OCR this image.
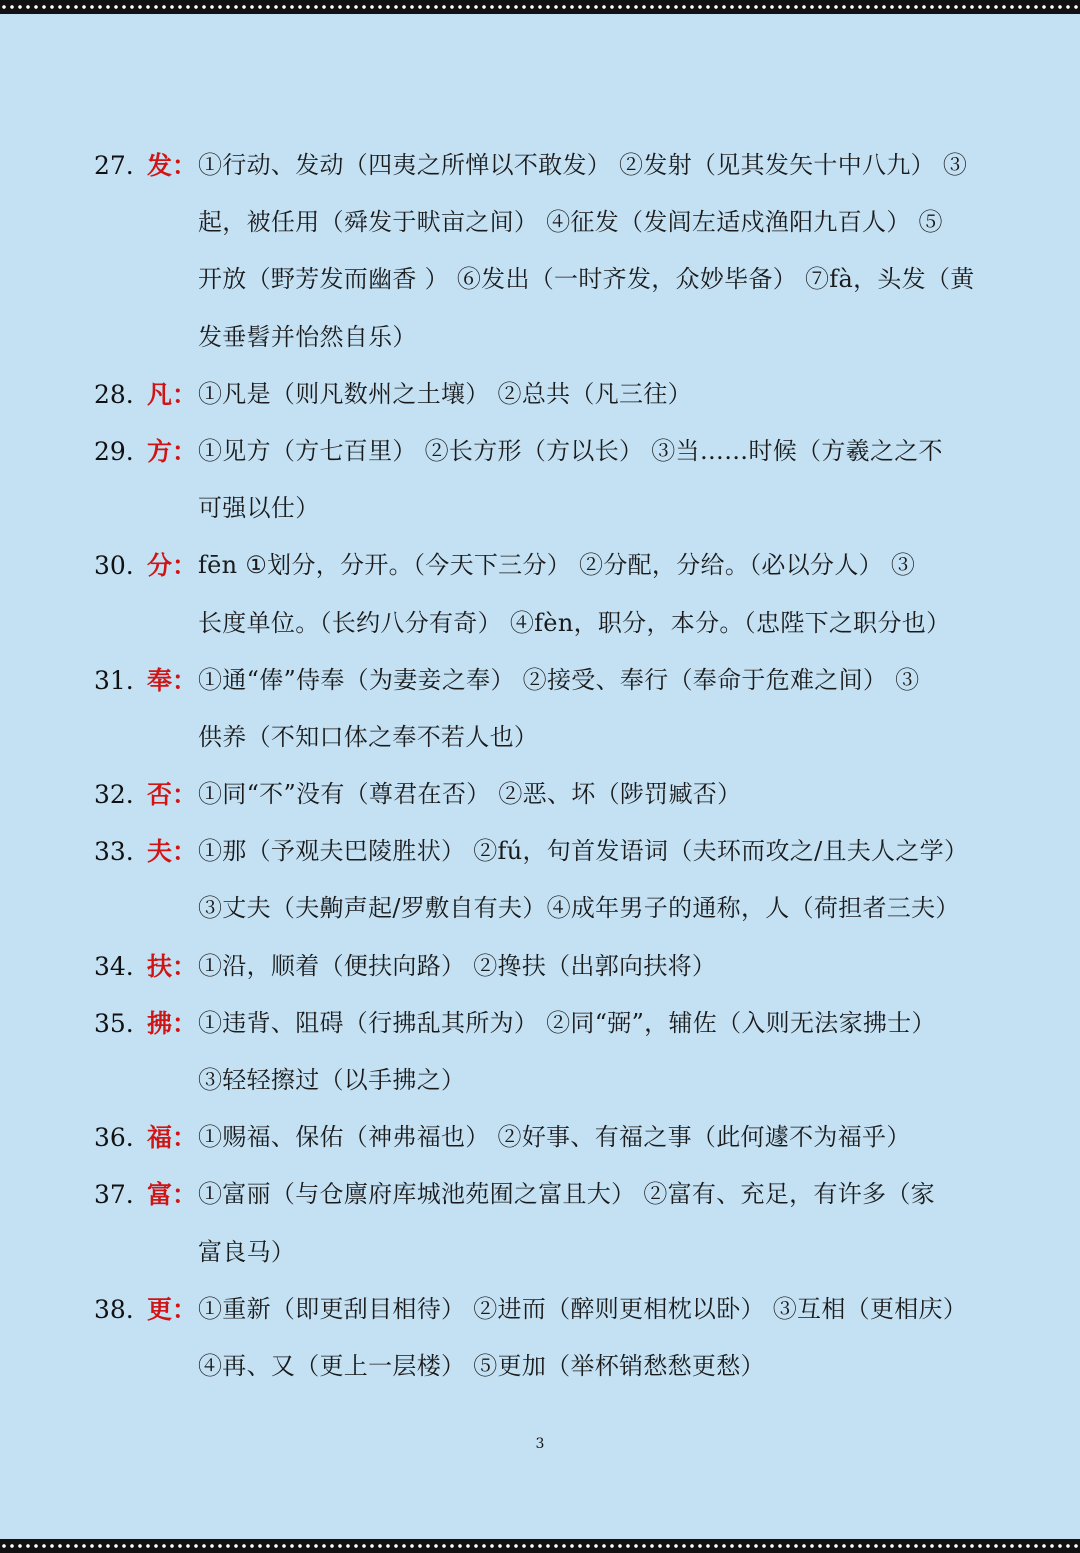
27. 发： ①行动、发动（四夷之所惮以不敢发） ②发射（见其发矢十中八九） ③
起，被任用（舜发于畎亩之间） ④征发（发闾左适戍渔阳九百人） ⑤
开放（野芳发而幽香 ） ⑥发出（一时齐发，众妙毕备） ⑦fà，头发（黄
发垂髫并怡然自乐）
28. 凡： ①凡是（则凡数州之土壤） ②总共（凡三往）
29. 方： ①见方（方七百里） ②长方形（方以长） ③当……时候（方羲之之不
可强以仕）
30. 分： fēn ①划分，分开。（今天下三分） ②分配，分给。（必以分人） ③
长度单位。（长约八分有奇） ④fèn，职分，本分。（忠陛下之职分也）
31. 奉： ①通“俸”侍奉（为妻妾之奉） ②接受、奉行（奉命于危难之间） ③
供养（不知口体之奉不若人也）
32. 否： ①同“不”没有（尊君在否） ②恶、坏（陟罚臧否）
33. 夫： ①那（予观夫巴陵胜状） ②fú，句首发语词（夫环而攻之/且夫人之学）
③丈夫（夫齁声起/罗敷自有夫）④成年男子的通称，人（荷担者三夫）
34. 扶： ①沿，顺着（便扶向路） ②搀扶（出郭向扶将）
35. 拂： ①违背、阻碍（行拂乱其所为） ②同“弼”，辅佐（入则无法家拂士）
③轻轻擦过（以手拂之）
36. 福： ①赐福、保佑（神弗福也） ②好事、有福之事（此何遽不为福乎）
37. 富： ①富丽（与仓廪府库城池苑囿之富且大） ②富有、充足，有许多（家
富良马）
38. 更： ①重新（即更刮目相待） ②进而（醉则更相枕以卧） ③互相（更相庆）
④再、又（更上一层楼） ⑤更加（举杯销愁愁更愁）
3
